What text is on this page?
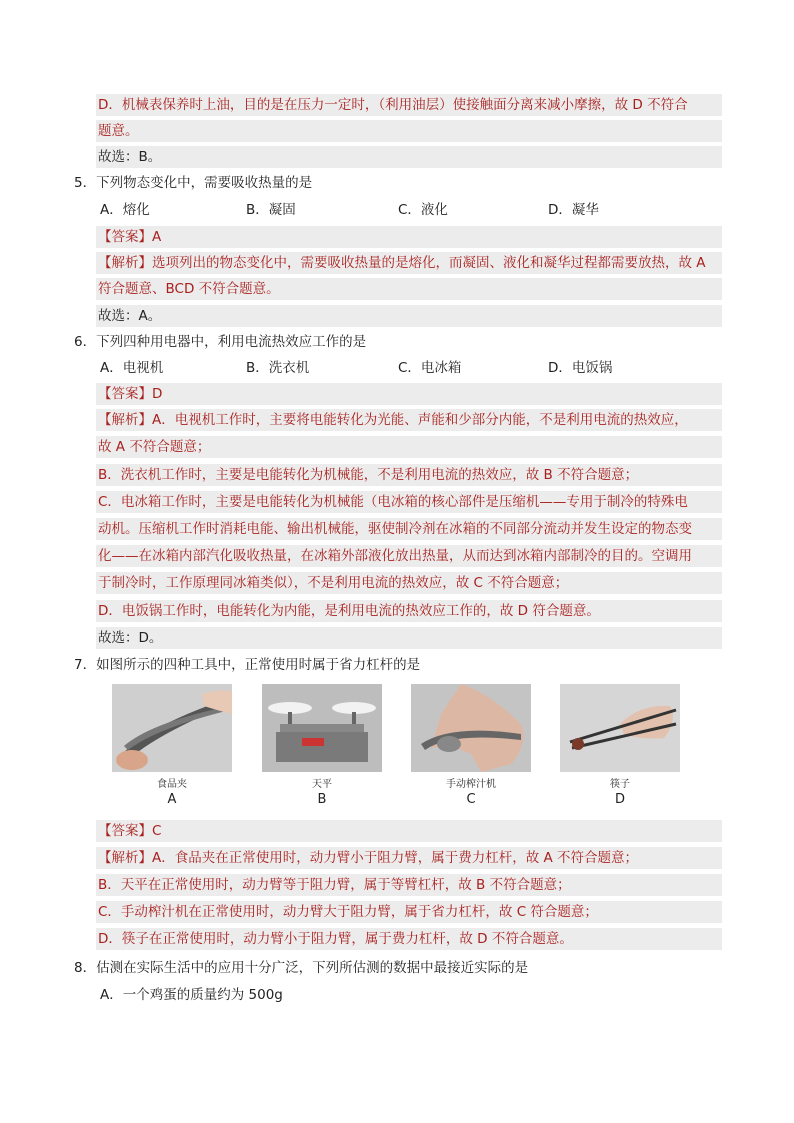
D．机械表保养时上油，目的是在压力一定时，（利用油层）使接触面分离来减小摩擦，故 D 不符合
题意。
故选：B。
5．下列物态变化中，需要吸收热量的是
A．熔化	B．凝固	C．液化	D．凝华
【答案】A
【解析】选项列出的物态变化中，需要吸收热量的是熔化，而凝固、液化和凝华过程都需要放热，故 A
符合题意、BCD 不符合题意。
故选：A。
6．下列四种用电器中，利用电流热效应工作的是
A．电视机	B．洗衣机	C．电冰箱	D．电饭锅
【答案】D
【解析】A．电视机工作时，主要将电能转化为光能、声能和少部分内能，不是利用电流的热效应，
故 A 不符合题意；
B．洗衣机工作时，主要是电能转化为机械能，不是利用电流的热效应，故 B 不符合题意；
C．电冰箱工作时，主要是电能转化为机械能（电冰箱的核心部件是压缩机——专用于制冷的特殊电
动机。压缩机工作时消耗电能、输出机械能，驱使制冷剂在冰箱的不同部分流动并发生设定的物态变
化——在冰箱内部汽化吸收热量，在冰箱外部液化放出热量，从而达到冰箱内部制冷的目的。空调用
于制冷时，工作原理同冰箱类似），不是利用电流的热效应，故 C 不符合题意；
D．电饭锅工作时，电能转化为内能，是利用电流的热效应工作的，故 D 符合题意。
故选：D。
7．如图所示的四种工具中，正常使用时属于省力杠杆的是
食品夹
A
天平
B
手动榨汁机
C
筷子
D
【答案】C
【解析】A．食品夹在正常使用时，动力臂小于阻力臂，属于费力杠杆，故 A 不符合题意；
B．天平在正常使用时，动力臂等于阻力臂，属于等臂杠杆，故 B 不符合题意；
C．手动榨汁机在正常使用时，动力臂大于阻力臂，属于省力杠杆，故 C 符合题意；
D．筷子在正常使用时，动力臂小于阻力臂，属于费力杠杆，故 D 不符合题意。
8．估测在实际生活中的应用十分广泛，下列所估测的数据中最接近实际的是
A．一个鸡蛋的质量约为 500g
